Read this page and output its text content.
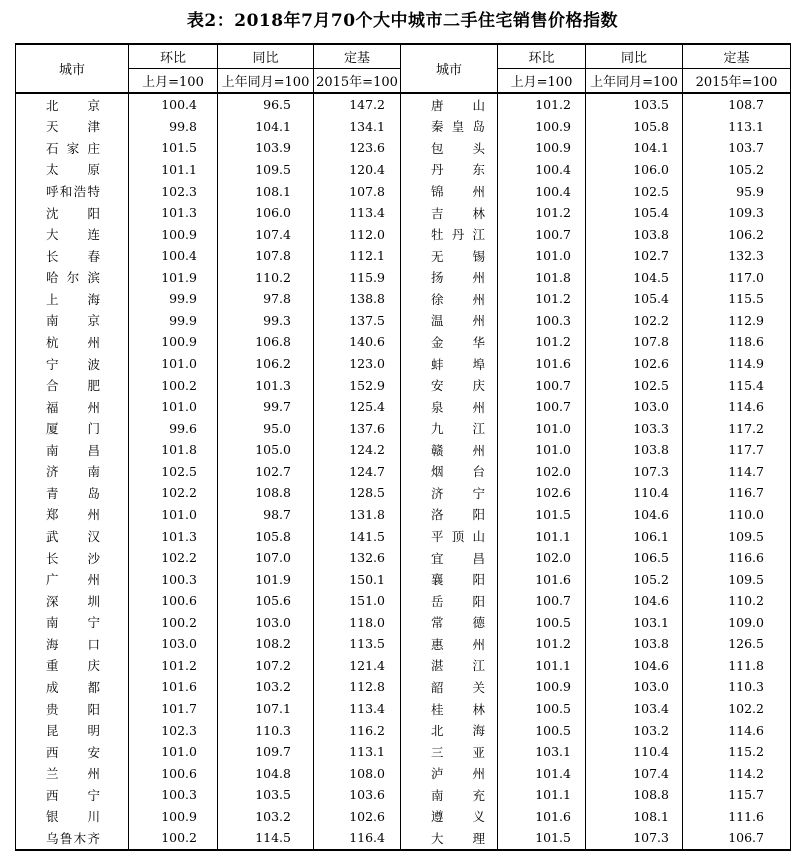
表2：2018年7月70个大中城市二手住宅销售价格指数
城市	环比	同比	定基	城市	环比	同比	定基
	上月=100	上年同月=100	2015年=100		上月=100	上年同月=100	2015年=100
北京	100.4	96.5	147.2	唐山	101.2	103.5	108.7
天津	99.8	104.1	134.1	秦皇岛	100.9	105.8	113.1
石家庄	101.5	103.9	123.6	包头	100.9	104.1	103.7
太原	101.1	109.5	120.4	丹东	100.4	106.0	105.2
呼和浩特	102.3	108.1	107.8	锦州	100.4	102.5	95.9
沈阳	101.3	106.0	113.4	吉林	101.2	105.4	109.3
大连	100.9	107.4	112.0	牡丹江	100.7	103.8	106.2
长春	100.4	107.8	112.1	无锡	101.0	102.7	132.3
哈尔滨	101.9	110.2	115.9	扬州	101.8	104.5	117.0
上海	99.9	97.8	138.8	徐州	101.2	105.4	115.5
南京	99.9	99.3	137.5	温州	100.3	102.2	112.9
杭州	100.9	106.8	140.6	金华	101.2	107.8	118.6
宁波	101.0	106.2	123.0	蚌埠	101.6	102.6	114.9
合肥	100.2	101.3	152.9	安庆	100.7	102.5	115.4
福州	101.0	99.7	125.4	泉州	100.7	103.0	114.6
厦门	99.6	95.0	137.6	九江	101.0	103.3	117.2
南昌	101.8	105.0	124.2	赣州	101.0	103.8	117.7
济南	102.5	102.7	124.7	烟台	102.0	107.3	114.7
青岛	102.2	108.8	128.5	济宁	102.6	110.4	116.7
郑州	101.0	98.7	131.8	洛阳	101.5	104.6	110.0
武汉	101.3	105.8	141.5	平顶山	101.1	106.1	109.5
长沙	102.2	107.0	132.6	宜昌	102.0	106.5	116.6
广州	100.3	101.9	150.1	襄阳	101.6	105.2	109.5
深圳	100.6	105.6	151.0	岳阳	100.7	104.6	110.2
南宁	100.2	103.0	118.0	常德	100.5	103.1	109.0
海口	103.0	108.2	113.5	惠州	101.2	103.8	126.5
重庆	101.2	107.2	121.4	湛江	101.1	104.6	111.8
成都	101.6	103.2	112.8	韶关	100.9	103.0	110.3
贵阳	101.7	107.1	113.4	桂林	100.5	103.4	102.2
昆明	102.3	110.3	116.2	北海	100.5	103.2	114.6
西安	101.0	109.7	113.1	三亚	103.1	110.4	115.2
兰州	100.6	104.8	108.0	泸州	101.4	107.4	114.2
西宁	100.3	103.5	103.6	南充	101.1	108.8	115.7
银川	100.9	103.2	102.6	遵义	101.6	108.1	111.6
乌鲁木齐	100.2	114.5	116.4	大理	101.5	107.3	106.7
